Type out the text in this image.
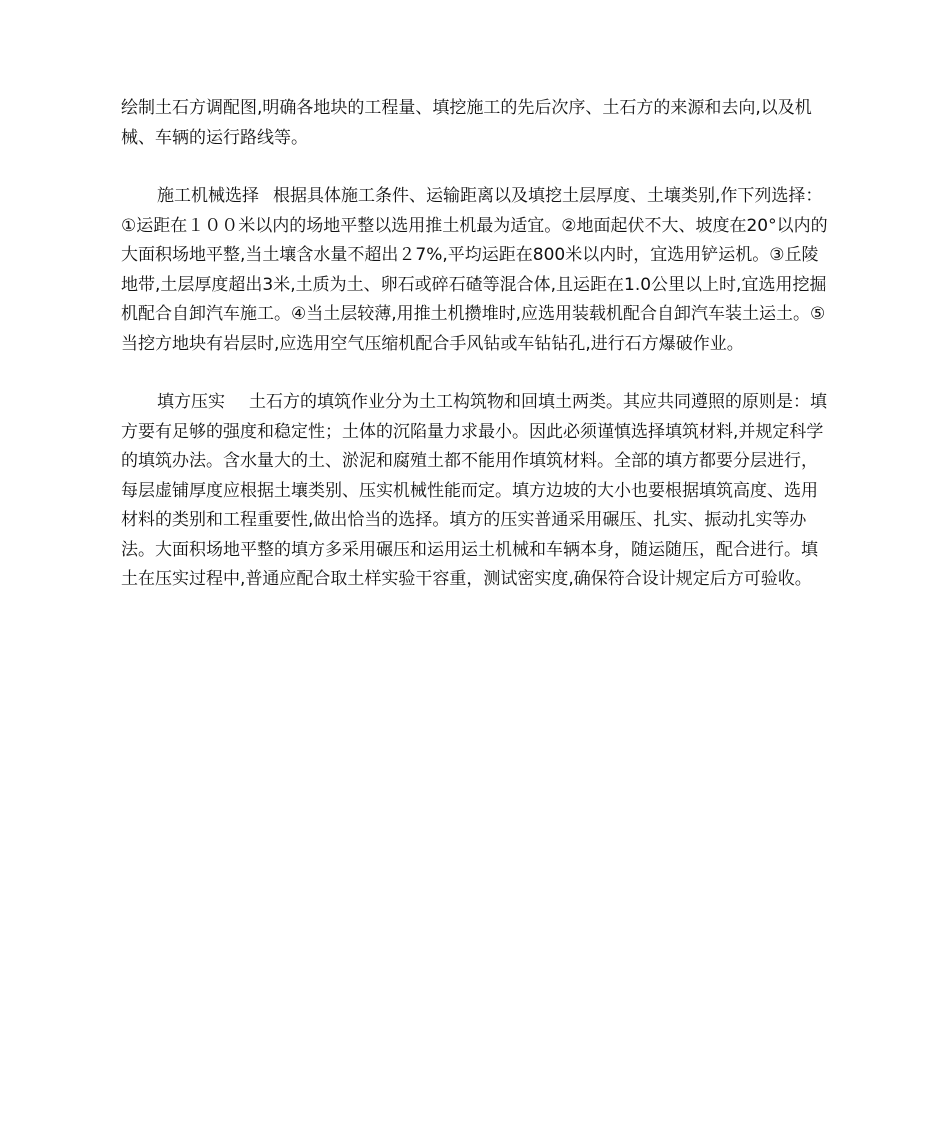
绘制土石方调配图,明确各地块的工程量、填挖施工的先后次序、土石方的来源和去向,以及机械、车辆的运行路线等。

施工机械选择 根据具体施工条件、运输距离以及填挖土层厚度、土壤类别,作下列选择：①运距在１００米以内的场地平整以选用推土机最为适宜。②地面起伏不大、坡度在20°以内的大面积场地平整,当土壤含水量不超出２7%,平均运距在800米以内时，宜选用铲运机。③丘陵地带,土层厚度超出3米,土质为土、卵石或碎石碴等混合体,且运距在1.0公里以上时,宜选用挖掘机配合自卸汽车施工。④当土层较薄,用推土机攒堆时,应选用装载机配合自卸汽车装土运土。⑤当挖方地块有岩层时,应选用空气压缩机配合手风钻或车钻钻孔,进行石方爆破作业。

填方压实 土石方的填筑作业分为土工构筑物和回填土两类。其应共同遵照的原则是：填方要有足够的强度和稳定性；土体的沉陷量力求最小。因此必须谨慎选择填筑材料,并规定科学的填筑办法。含水量大的土、淤泥和腐殖土都不能用作填筑材料。全部的填方都要分层进行，每层虚铺厚度应根据土壤类别、压实机械性能而定。填方边坡的大小也要根据填筑高度、选用材料的类别和工程重要性,做出恰当的选择。填方的压实普通采用碾压、扎实、振动扎实等办法。大面积场地平整的填方多采用碾压和运用运土机械和车辆本身，随运随压，配合进行。填土在压实过程中,普通应配合取土样实验干容重，测试密实度,确保符合设计规定后方可验收。
